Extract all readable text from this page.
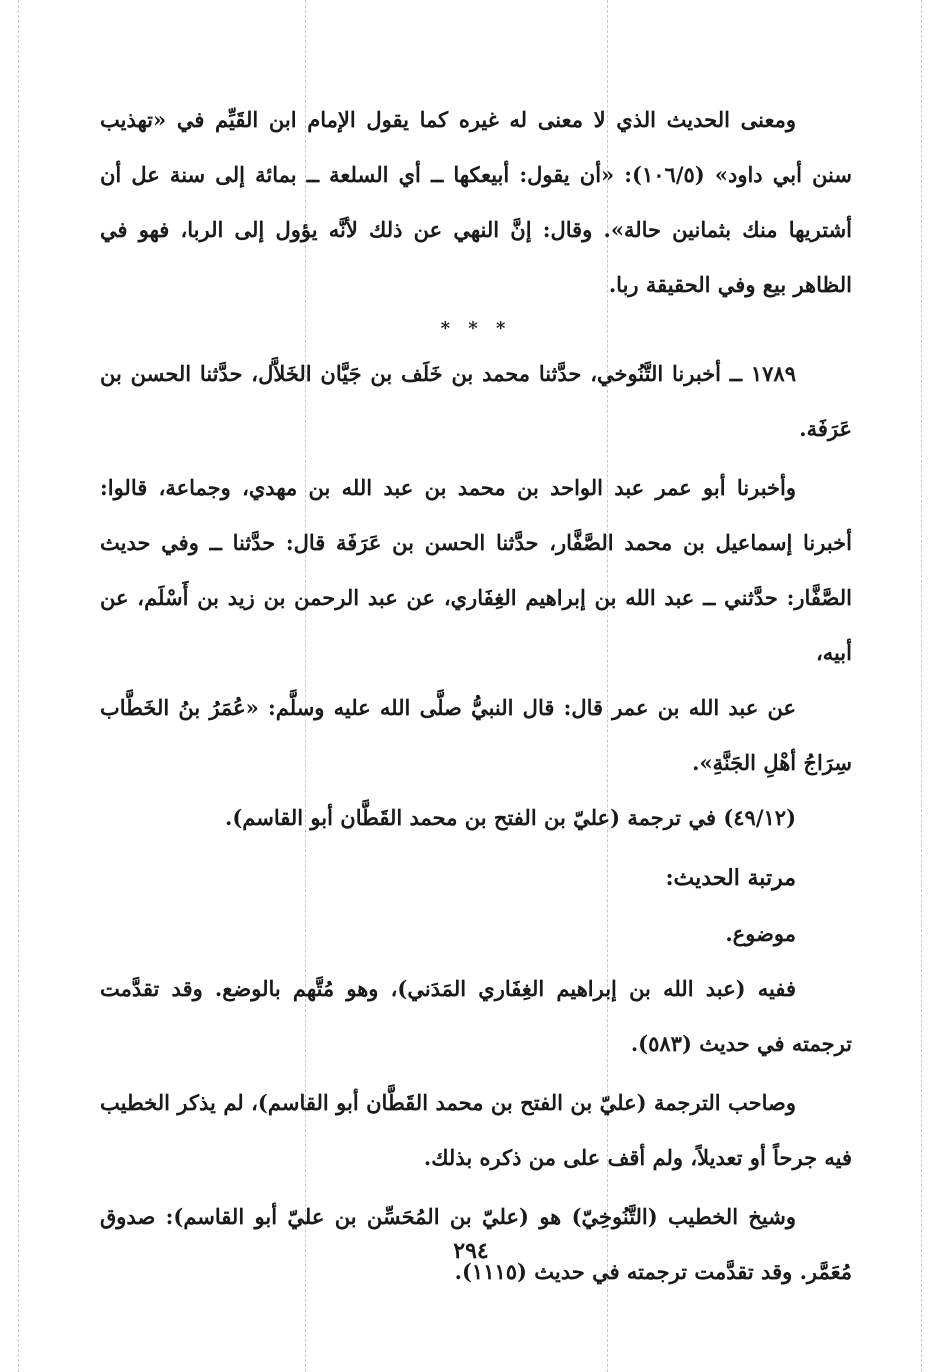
ومعنى الحديث الذي لا معنى له غيره كما يقول الإمام ابن القَيِّم في «تهذيب سنن أبي داود» (١٠٦/٥): «أن يقول: أبيعكها ــ أي السلعة ــ بمائة إلى سنة عل أن أشتريها منك بثمانين حالة». وقال: إنَّ النهي عن ذلك لأنَّه يؤول إلى الربا، فهو في الظاهر بيع وفي الحقيقة ربا.

* * *

١٧٨٩ ــ أخبرنا التَّنُوخي، حدَّثنا محمد بن خَلَف بن جَيَّان الخَلاَّل، حدَّثنا الحسن بن عَرَفَة.

وأخبرنا أبو عمر عبد الواحد بن محمد بن عبد الله بن مهدي، وجماعة، قالوا: أخبرنا إسماعيل بن محمد الصَّفَّار، حدَّثنا الحسن بن عَرَفَة قال: حدَّثنا ــ وفي حديث الصَّفَّار: حدَّثني ــ عبد الله بن إبراهيم الغِفَاري، عن عبد الرحمن بن زيد بن أَسْلَم، عن أبيه،

عن عبد الله بن عمر قال: قال النبيُّ صلَّى الله عليه وسلَّم: «عُمَرُ بنُ الخَطَّاب سِرَاجُ أهْلِ الجَنَّةِ».

(٤٩/١٢) في ترجمة (عليّ بن الفتح بن محمد القَطَّان أبو القاسم).

مرتبة الحديث:

موضوع.

ففيه (عبد الله بن إبراهيم الغِفَاري المَدَني)، وهو مُتَّهم بالوضع. وقد تقدَّمت ترجمته في حديث (٥٨٣).

وصاحب الترجمة (عليّ بن الفتح بن محمد القَطَّان أبو القاسم)، لم يذكر الخطيب فيه جرحاً أو تعديلاً، ولم أقف على من ذكره بذلك.

وشيخ الخطيب (التَّنُوخِيّ) هو (عليّ بن المُحَسِّن بن عليّ أبو القاسم): صدوق مُعَمَّر. وقد تقدَّمت ترجمته في حديث (١١١٥).

٢٩٤
